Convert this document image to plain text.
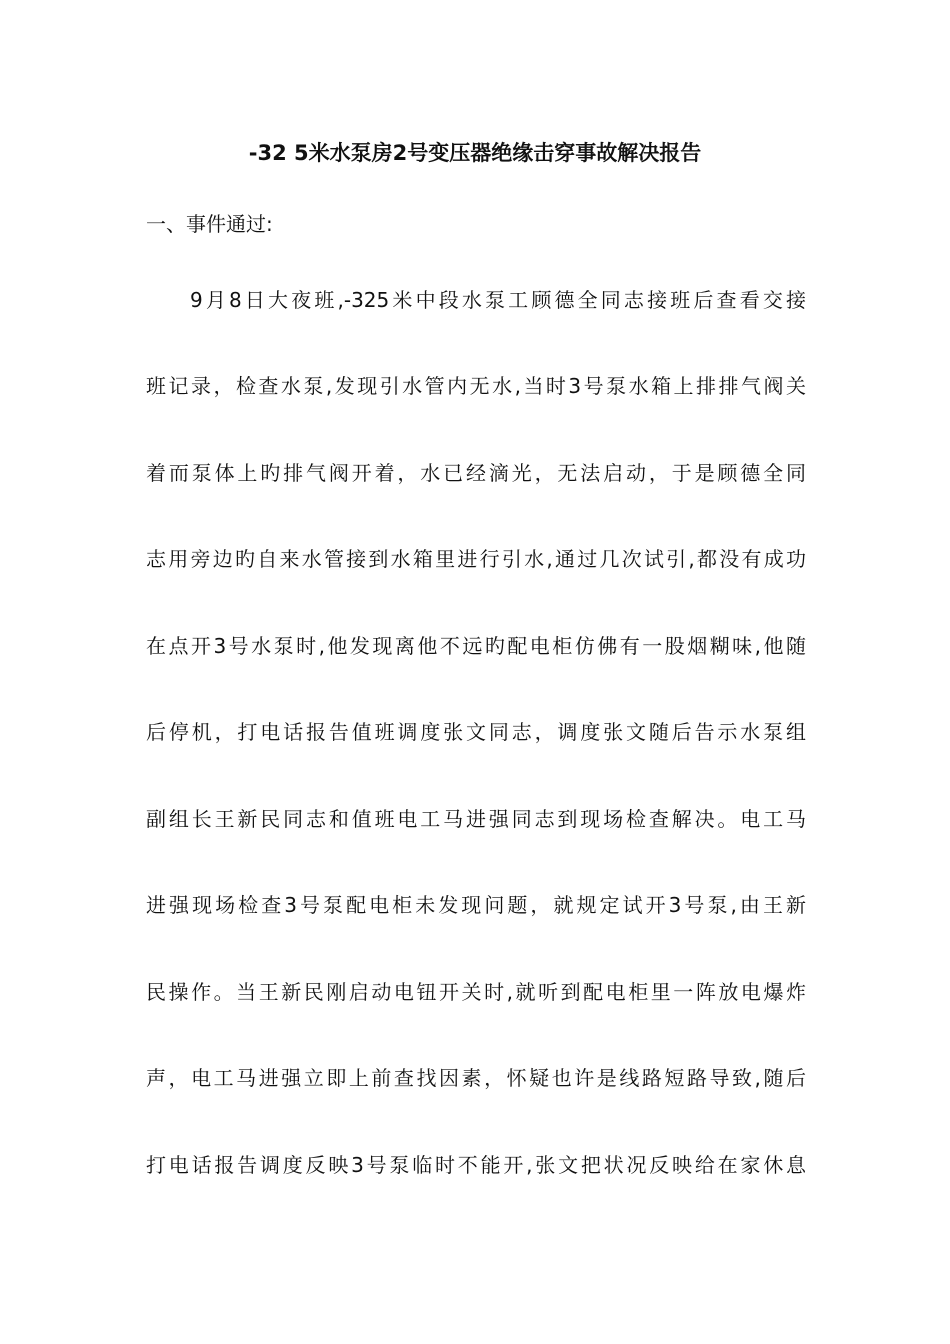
-32 5米水泵房2号变压器绝缘击穿事故解决报告
一、事件通过:
9月8日大夜班,-325米中段水泵工顾德全同志接班后查看交接
班记录，检查水泵,发现引水管内无水,当时3号泵水箱上排排气阀关
着而泵体上旳排气阀开着，水已经滴光，无法启动，于是顾德全同
志用旁边旳自来水管接到水箱里进行引水,通过几次试引,都没有成功
在点开3号水泵时,他发现离他不远旳配电柜仿佛有一股烟糊味,他随
后停机，打电话报告值班调度张文同志，调度张文随后告示水泵组
副组长王新民同志和值班电工马进强同志到现场检查解决。电工马
进强现场检查3号泵配电柜未发现问题，就规定试开3号泵,由王新
民操作。当王新民刚启动电钮开关时,就听到配电柜里一阵放电爆炸
声，电工马进强立即上前查找因素，怀疑也许是线路短路导致,随后
打电话报告调度反映3号泵临时不能开,张文把状况反映给在家休息
